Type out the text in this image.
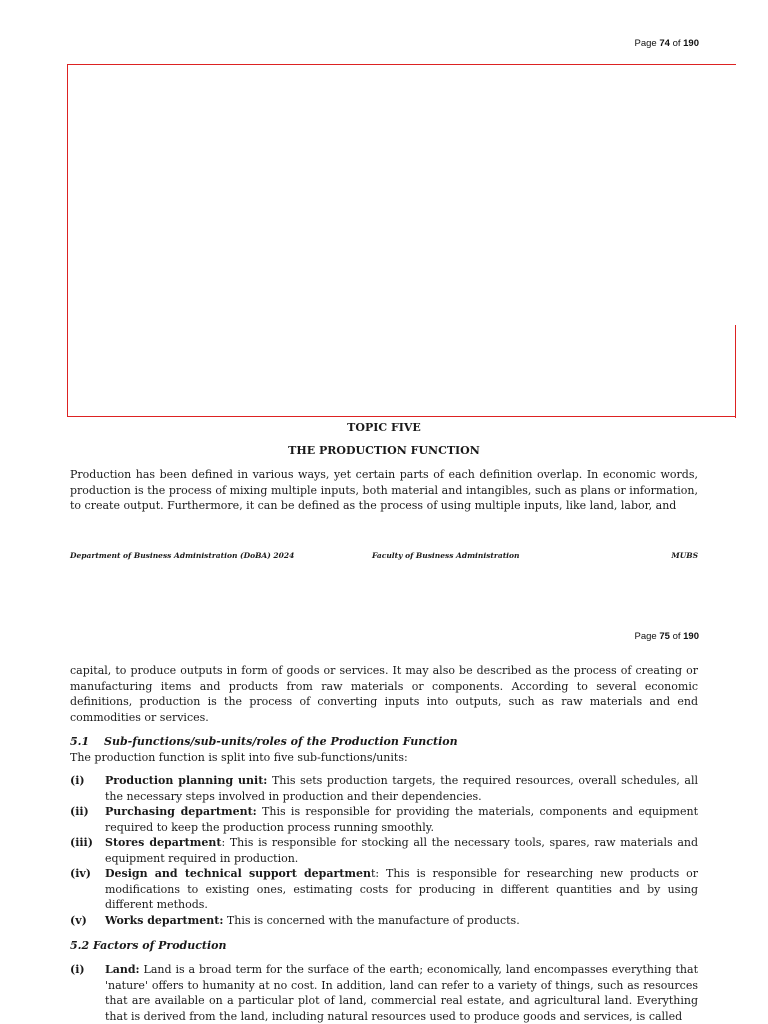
Page 74 of 190
TOPIC FIVE
THE PRODUCTION FUNCTION

Production has been defined in various ways, yet certain parts of each definition overlap. In economic words, production is the process of mixing multiple inputs, both material and intangibles, such as plans or information, to create output. Furthermore, it can be defined as the process of using multiple inputs, like land, labor, and

Department of Business Administration (DoBA) 2024	Faculty of Business Administration	MUBS
Page 75 of 190

capital, to produce outputs in form of goods or services. It may also be described as the process of creating or manufacturing items and products from raw materials or components. According to several economic definitions, production is the process of converting inputs into outputs, such as raw materials and end commodities or services.

5.1 Sub-functions/sub-units/roles of the Production Function
The production function is split into five sub-functions/units:
(i) Production planning unit: This sets production targets, the required resources, overall schedules, all the necessary steps involved in production and their dependencies.
(ii) Purchasing department: This is responsible for providing the materials, components and equipment required to keep the production process running smoothly.
(iii) Stores department: This is responsible for stocking all the necessary tools, spares, raw materials and equipment required in production.
(iv) Design and technical support department: This is responsible for researching new products or modifications to existing ones, estimating costs for producing in different quantities and by using different methods.
(v) Works department: This is concerned with the manufacture of products.
5.2 Factors of Production
(i) Land: Land is a broad term for the surface of the earth; economically, land encompasses everything that 'nature' offers to humanity at no cost. In addition, land can refer to a variety of things, such as resources that are available on a particular plot of land, commercial real estate, and agricultural land. Everything that is derived from the land, including natural resources used to produce goods and services, is called
